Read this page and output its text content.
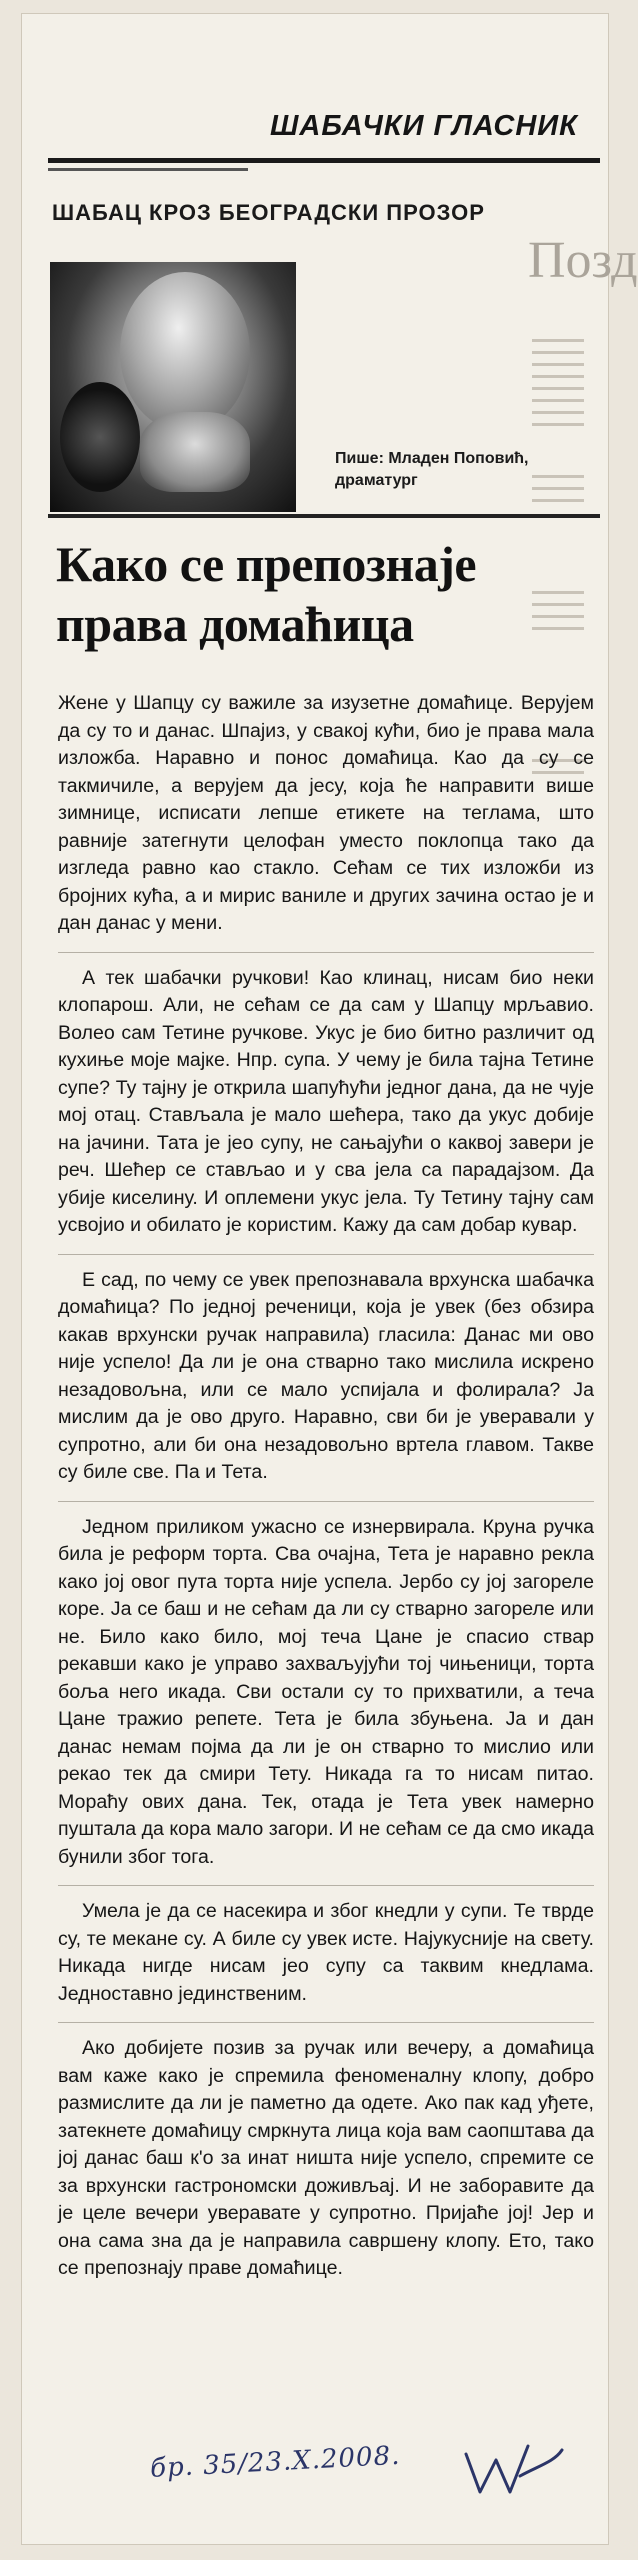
Позд
ШАБАЧКИ ГЛАСНИК
ШАБАЦ КРОЗ БЕОГРАДСКИ ПРОЗОР
Пише: Младен Поповић,
драматург
Како се препознаје
права домаћица

Жене у Шапцу су важиле за изузетне домаћице. Верујем да су то и данас. Шпајиз, у свакој кући, био је права мала изложба. Наравно и понос домаћица. Као да су се такмичиле, а верујем да јесу, која ће направити више зимнице, исписати лепше етикете на теглама, што равније затегнути целофан уместо поклопца тако да изгледа равно као стакло. Сећам се тих изложби из бројних кућа, а и мирис ваниле и других зачина остао је и дан данас у мени.

А тек шабачки ручкови! Као клинац, нисам био неки клопарош. Али, не сећам се да сам у Шапцу мрљавио. Волео сам Тетине ручкове. Укус је био битно различит од кухиње моје мајке. Нпр. супа. У чему је била тајна Тетине супе? Ту тајну је открила шапућући једног дана, да не чује мој отац. Стављала је мало шећера, тако да укус добије на јачини. Тата је јео супу, не сањајући о каквој завери је реч. Шећер се стављао и у сва јела са парадајзом. Да убије киселину. И оплемени укус јела. Ту Тетину тајну сам усвојио и обилато је користим. Кажу да сам добар кувар.

Е сад, по чему се увек препознавала врхунска шабачка домаћица? По једној реченици, која је увек (без обзира какав врхунски ручак направила) гласила: Данас ми ово није успело! Да ли је она стварно тако мислила искрено незадовољна, или се мало успијала и фолирала? Ја мислим да је ово друго. Наравно, сви би је уверавали у супротно, али би она незадовољно вртела главом. Такве су биле све. Па и Тета.

Једном приликом ужасно се изнервирала. Круна ручка била је реформ торта. Сва очајна, Тета је наравно рекла како јој овог пута торта није успела. Јербо су јој загореле коре. Ја се баш и не сећам да ли су стварно загореле или не. Било како било, мој теча Цане је спасио ствар рекавши како је управо захваљујући тој чињеници, торта боља него икада. Сви остали су то прихватили, а теча Цане тражио репете. Тета је била збуњена. Ја и дан данас немам појма да ли је он стварно то мислио или рекао тек да смири Тету. Никада га то нисам питао. Мораћу ових дана. Тек, отада је Тета увек намерно пуштала да кора мало загори. И не сећам се да смо икада бунили због тога.

Умела је да се насекира и због кнедли у супи. Те тврде су, те мекане су. А биле су увек исте. Најукусније на свету. Никада нигде нисам јео супу са таквим кнедлама. Једноставно јединственим.

Ако добијете позив за ручак или вечеру, а домаћица вам каже како је спремила феноменалну клопу, добро размислите да ли је паметно да одете. Ако пак кад уђете, затекнете домаћицу смркнута лица која вам саопштава да јој данас баш к'о за инат ништа није успело, спремите се за врхунски гастрономски доживљај. И не заборавите да је целе вечери уверавате у супротно. Пријаће јој! Јер и она сама зна да је направила савршену клопу. Ето, тако се препознају праве домаћице.

бр. 35/23.Х.2008.
